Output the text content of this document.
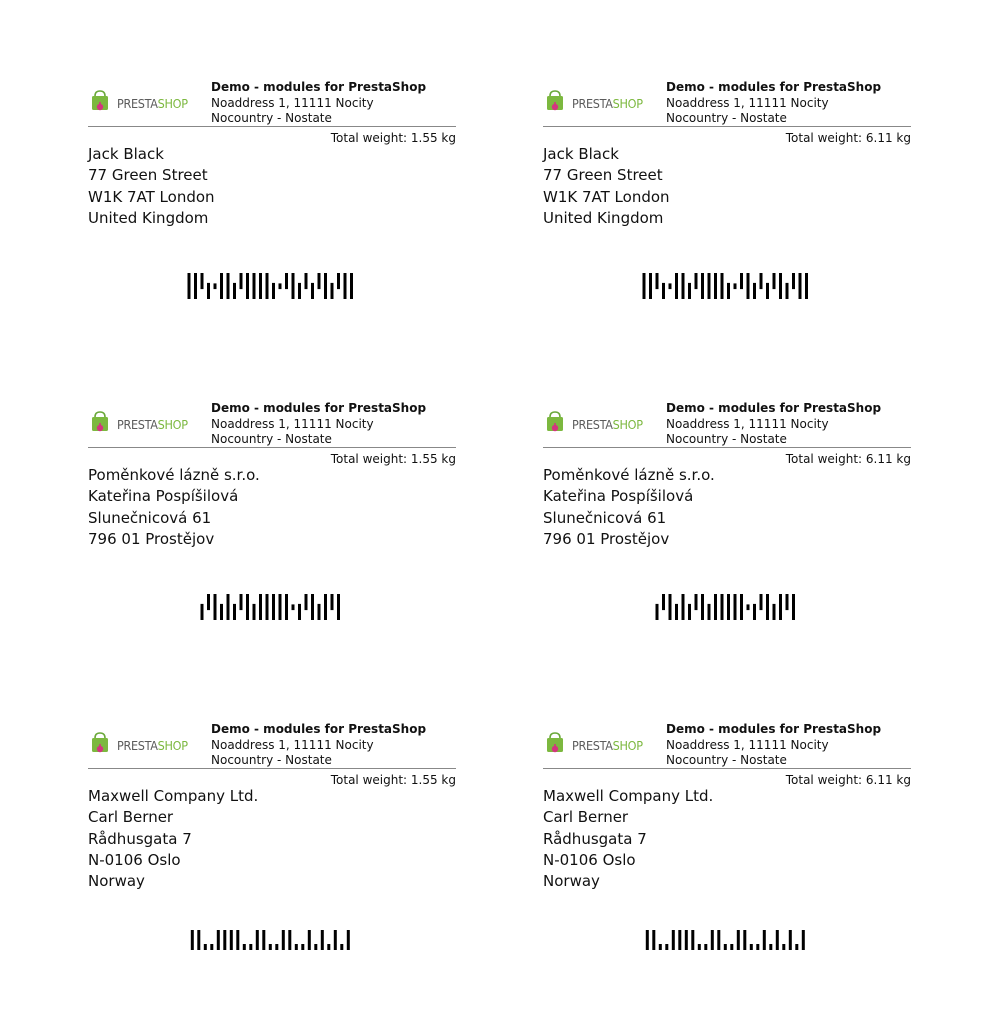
PRESTASHOP
Demo - modules for PrestaShop
Noaddress 1, 11111 Nocity
Nocountry - Nostate
Total weight: 1.55 kg
Jack Black
77 Green Street
W1K 7AT London
United Kingdom
PRESTASHOP
Demo - modules for PrestaShop
Noaddress 1, 11111 Nocity
Nocountry - Nostate
Total weight: 6.11 kg
Jack Black
77 Green Street
W1K 7AT London
United Kingdom
PRESTASHOP
Demo - modules for PrestaShop
Noaddress 1, 11111 Nocity
Nocountry - Nostate
Total weight: 1.55 kg
Poměnkové lázně s.r.o.
Kateřina Pospíšilová
Slunečnicová 61
796 01 Prostějov
PRESTASHOP
Demo - modules for PrestaShop
Noaddress 1, 11111 Nocity
Nocountry - Nostate
Total weight: 6.11 kg
Poměnkové lázně s.r.o.
Kateřina Pospíšilová
Slunečnicová 61
796 01 Prostějov
PRESTASHOP
Demo - modules for PrestaShop
Noaddress 1, 11111 Nocity
Nocountry - Nostate
Total weight: 1.55 kg
Maxwell Company Ltd.
Carl Berner
Rådhusgata 7
N-0106 Oslo
Norway
PRESTASHOP
Demo - modules for PrestaShop
Noaddress 1, 11111 Nocity
Nocountry - Nostate
Total weight: 6.11 kg
Maxwell Company Ltd.
Carl Berner
Rådhusgata 7
N-0106 Oslo
Norway
